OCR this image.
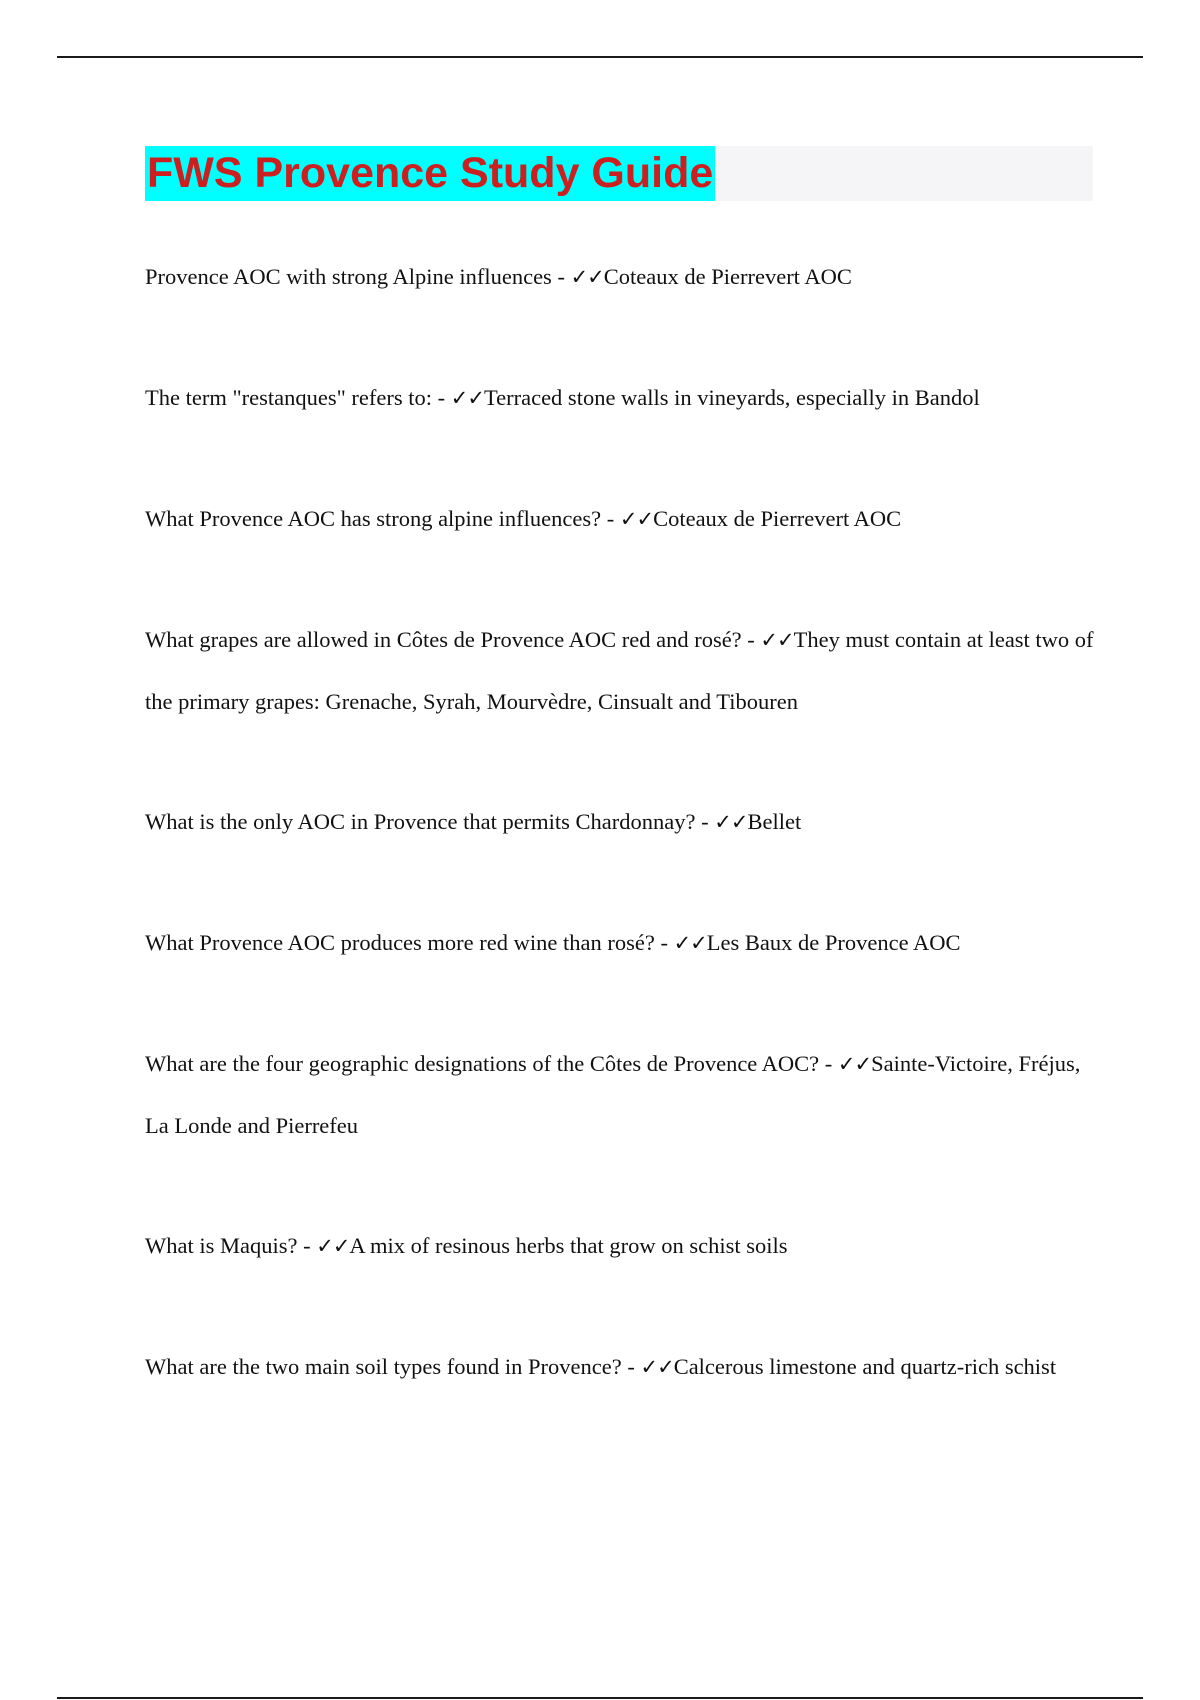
FWS Provence Study Guide

Provence AOC with strong Alpine influences - ✓✓Coteaux de Pierrevert AOC

The term "restanques" refers to: - ✓✓Terraced stone walls in vineyards, especially in Bandol

What Provence AOC has strong alpine influences? - ✓✓Coteaux de Pierrevert AOC

What grapes are allowed in Côtes de Provence AOC red and rosé? - ✓✓They must contain at least two of the primary grapes: Grenache, Syrah, Mourvèdre, Cinsualt and Tibouren

What is the only AOC in Provence that permits Chardonnay? - ✓✓Bellet

What Provence AOC produces more red wine than rosé? - ✓✓Les Baux de Provence AOC

What are the four geographic designations of the Côtes de Provence AOC? - ✓✓Sainte-Victoire, Fréjus, La Londe and Pierrefeu

What is Maquis? - ✓✓A mix of resinous herbs that grow on schist soils

What are the two main soil types found in Provence? - ✓✓Calcerous limestone and quartz-rich schist
